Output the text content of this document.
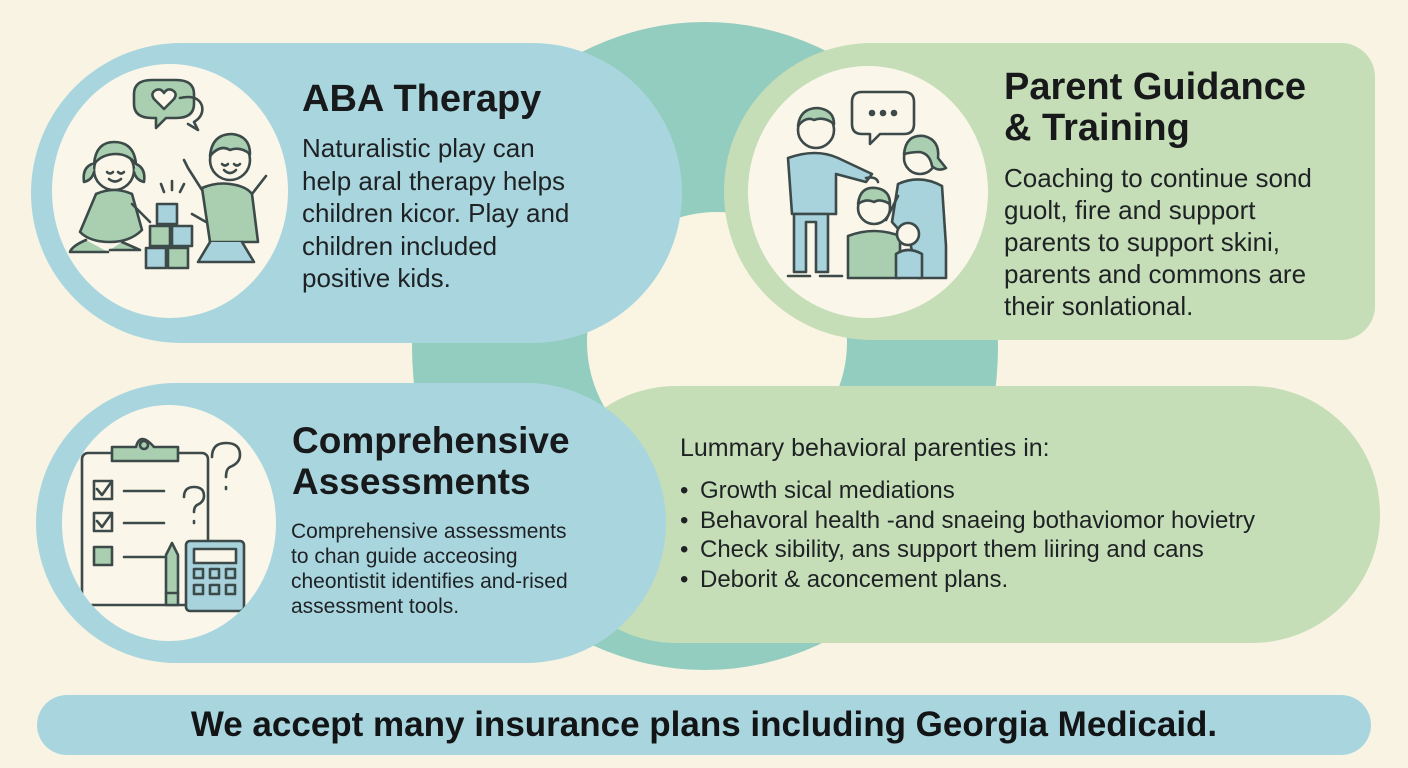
ABA Therapy

Naturalistic play can
help aral therapy helps
children kicor. Play and
children included
positive kids.

Parent Guidance
& Training

Coaching to continue sond
guolt, fire and support
parents to support skini,
parents and commons are
their sonlational.

Lummary behavioral parenties in:

• Growth sical mediations
• Behavoral health -and snaeing bothaviomor hovietry
• Check sibility, ans support them liiring and cans
• Deborit & aconcement plans.
Comprehensive
Assessments

Comprehensive assessments
to chan guide acceosing
cheontistit identifies and-rised
assessment tools.

We accept many insurance plans including Georgia Medicaid.
